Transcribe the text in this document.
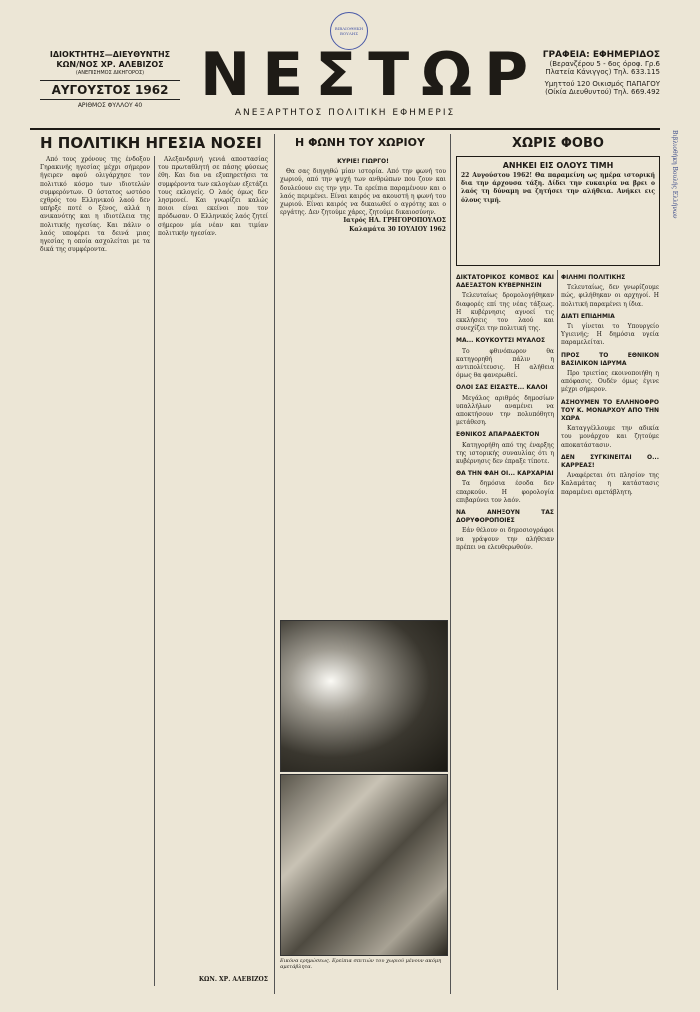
ΒΙΒΛΙΟΘΗΚΗ ΒΟΥΛΗΣ
ΙΔΙΟΚΤΗΤΗΣ—ΔΙΕΥΘΥΝΤΗΣ
ΚΩΝ/ΝΟΣ ΧΡ. ΑΛΕΒΙΖΟΣ
(ΑΝΕΠΙΣΗΜΟΣ ΔΙΚΗΓΟΡΟΣ)
ΑΥΓΟΥΣΤΟΣ 1962
ΑΡΙΘΜΟΣ ΦΥΛΛΟΥ 40 ΝΕΣΤΩΡ
ΑΝΕΞΑΡΤΗΤΟΣ ΠΟΛΙΤΙΚΗ ΕΦΗΜΕΡΙΣ
ΓΡΑΦΕΙΑ: ΕΦΗΜΕΡΙΔΟΣ
(Βερανζέρου 5 - 6ος όροφ. Γρ.6
Πλατεία Κάνιγγος) Τηλ. 633.115
Υμηττού 120 Οικισμός ΠΑΠΑΓΟΥ
(Οίκία Διευθυντού) Τηλ. 669.492
Βιβλιοθήκη Βουλής Ελλήνων
Η ΠΟΛΙΤΙΚΗ ΗΓΕΣΙΑ ΝΟΣΕΙ

Από τους χρόνους της ένδοξου Γηρακινής ηγεσίας μέχρι σήμερον ήγειρεν αφού ολιγάρχησε τον πολιτικό κόσμο των ιδιοτελών συμφερόντων. Ο ύστατος ωστόσο εχθρός του Ελληνικού λαού δεν υπήρξε ποτέ ο ξένος, αλλά η ανικανότης και η ιδιοτέλεια της πολιτικής ηγεσίας. Και πάλιν ο λαός υποφέρει τα δεινά μιας ηγεσίας η οποία ασχολείται με τα δικά της συμφέροντα.

Αλεξανδρινή γενιά αποστασίας του πρωταθλητή σε πάσης φύσεως έθη. Και δια να εξυπηρετήσει τα συμφέροντα των εκλογέων εξετάζει τους εκλογείς. Ο λαός όμως δεν λησμονεί. Και γνωρίζει καλώς ποιοι είναι εκείνοι που τον πρόδωσαν. Ο Ελληνικός λαός ζητεί σήμερον μία νέαν και τιμίαν πολιτικήν ηγεσίαν.

ΚΩΝ. ΧΡ. ΑΛΕΒΙΖΟΣ
Η ΦΩΝΗ ΤΟΥ ΧΩΡΙΟΥ
ΚΥΡΙΕ! ΓΙΩΡΓΟ!

Θα σας διηγηθώ μίαν ιστορία. Από την φωνή του χωριού, από την ψυχή των ανθρώπων που ζουν και δουλεύουν εις την γην. Τα ερείπια παραμένουν και ο λαός περιμένει. Είναι καιρός να ακουστή η φωνή του χωριού. Είναι καιρός να δικαιωθεί ο αγρότης και ο εργάτης. Δεν ζητούμε χάρες, ζητούμε δικαιοσύνην.

Ιατρός ΗΛ. ΓΡΗΓΟΡΟΠΟΥΛΟΣ
Καλαμάτα 30 ΙΟΥΛΙΟΥ 1962
Εικόνα ερημώσεως. Ερείπια σπιτιών του χωριού μένουν ακόμη αμετάβλητα.
ΧΩΡΙΣ ΦΟΒΟ
ΑΝΗΚΕΙ ΕΙΣ ΟΛΟΥΣ ΤΙΜΗ
22 Αυγούστου 1962! Θα παραμείνη ως ημέρα ιστορική δια την άρχουσα τάξη. Δίδει την ευκαιρία να βρει ο λαός τη δύναμη να ζητήσει την αλήθεια. Ανήκει εις όλους τιμή.
ΔΙΚΤΑΤΟΡΙΚΟΣ ΚΟΜΒΟΣ ΚΑΙ ΑΔΕΞΑΣΤΟΝ ΚΥΒΕΡΝΗΣΙΝ

Τελευταίως δρομολογήθηκαν διαφορές επί της νέας τάξεως. Η κυβέρνησις αγνοεί τις εκκλήσεις του λαού και συνεχίζει την πολιτική της.

ΜΑ... ΚΟΥΚΟΥΤΣΙ ΜΥΑΛΟΣ

Το φθινόπωρον θα κατηγορηθή πάλιν η αντιπολίτευσις. Η αλήθεια όμως θα φανερωθεί.

ΟΛΟΙ ΣΑΣ ΕΙΣΑΣΤΕ... ΚΑΛΟΙ

Μεγάλος αριθμός δημοσίων υπαλλήλων αναμένει να αποκτήσουν την πολυπόθητη μετάθεση.

ΕΘΝΙΚΟΣ ΑΠΑΡΑΔΕΚΤΟΝ

Κατηγορήθη από της έναρξης της ιστορικής συναυλίας ότι η κυβέρνησις δεν έπραξε τίποτε.

ΘΑ ΤΗΝ ΦΑΗ ΟΙ... ΚΑΡΧΑΡΙΑΙ

Τα δημόσια έσοδα δεν επαρκούν. Η φορολογία επιβαρύνει τον λαόν.

ΝΑ ΑΝΗΞΟΥΝ ΤΑΣ ΔΟΡΥΦΟΡΟΠΟΙΕΣ

Εάν θέλουν οι δημοσιογράφοι να γράψουν την αλήθειαν πρέπει να ελευθερωθούν.

ΦΙΛΗΜΙ ΠΟΛΙΤΙΚΗΣ

Τελευταίως, δεν γνωρίζουμε πώς, φιλήθηκαν οι αρχηγοί. Η πολιτική παραμένει η ίδια.

ΔΙΑΤΙ ΕΠΙΔΗΜΙΑ

Τι γίνεται το Υπουργείο Υγιεινής; Η δημόσια υγεία παραμελείται.

ΠΡΟΣ ΤΟ ΕΘΝΙΚΟΝ ΒΑΣΙΛΙΚΟΝ ΙΔΡΥΜΑ

Προ τριετίας εκοινοποιήθη η απόφασις. Ουδέν όμως έγινε μέχρι σήμερον.

ΑΣΗΟΥΜΕΝ ΤΟ ΕΛΛΗΝΟΦΡΟ ΤΟΥ Κ. ΜΟΝΑΡΧΟΥ ΑΠΟ ΤΗΝ ΧΩΡΑ

Καταγγέλλουμε την αδικία του μονάρχου και ζητούμε αποκατάστασιν.

ΔΕΝ ΣΥΓΚΙΝΕΙΤΑΙ Ο... ΚΑΡΡΕΑΣ!

Αναφέρεται ότι πλησίον της Καλαμάτας η κατάστασις παραμένει αμετάβλητη.
